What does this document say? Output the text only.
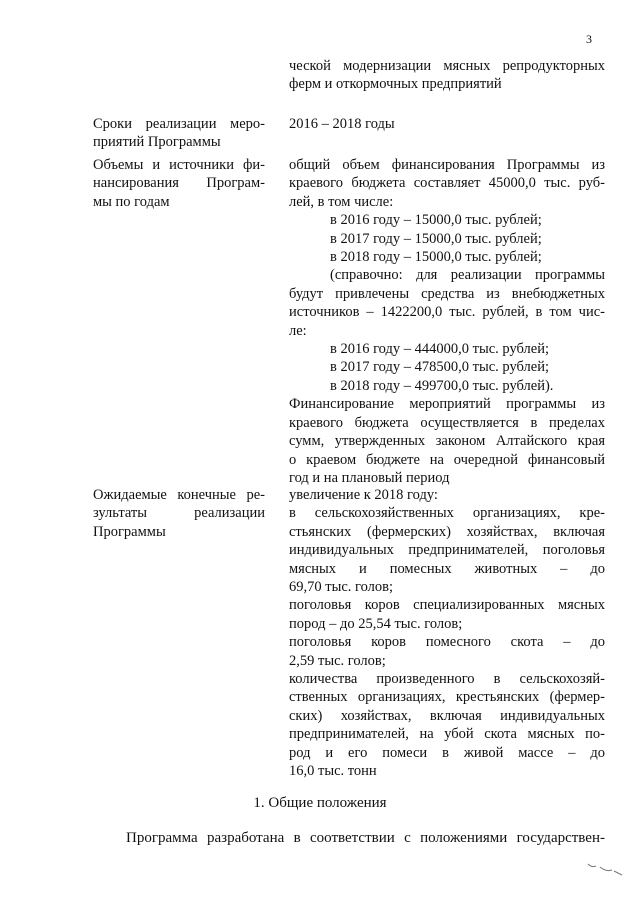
3
ческой модернизации мясных репродукторных
ферм и откормочных предприятий
Сроки реализации меро-
приятий Программы
2016 – 2018 годы
Объемы и источники фи-
нансирования Програм-
мы по годам
общий объем финансирования Программы из
краевого бюджета составляет 45000,0 тыс. руб-
лей, в том числе:
в 2016 году – 15000,0 тыс. рублей;
в 2017 году – 15000,0 тыс. рублей;
в 2018 году – 15000,0 тыс. рублей;
(справочно: для реализации программы
будут привлечены средства из внебюджетных
источников – 1422200,0 тыс. рублей, в том чис-
ле:
в 2016 году – 444000,0 тыс. рублей;
в 2017 году – 478500,0 тыс. рублей;
в 2018 году – 499700,0 тыс. рублей).
Финансирование мероприятий программы из
краевого бюджета осуществляется в пределах
сумм, утвержденных законом Алтайского края
о краевом бюджете на очередной финансовый
год и на плановый период
Ожидаемые конечные ре-
зультаты реализации
Программы
увеличение к 2018 году:
в сельскохозяйственных организациях, кре-
стьянских (фермерских) хозяйствах, включая
индивидуальных предпринимателей, поголовья
мясных и помесных животных – до
69,70 тыс. голов;
поголовья коров специализированных мясных
пород – до 25,54 тыс. голов;
поголовья коров помесного скота – до
2,59 тыс. голов;
количества произведенного в сельскохозяй-
ственных организациях, крестьянских (фермер-
ских) хозяйствах, включая индивидуальных
предпринимателей, на убой скота мясных по-
род и его помеси в живой массе – до
16,0 тыс. тонн
1. Общие положения
Программа разработана в соответствии с положениями государствен-
